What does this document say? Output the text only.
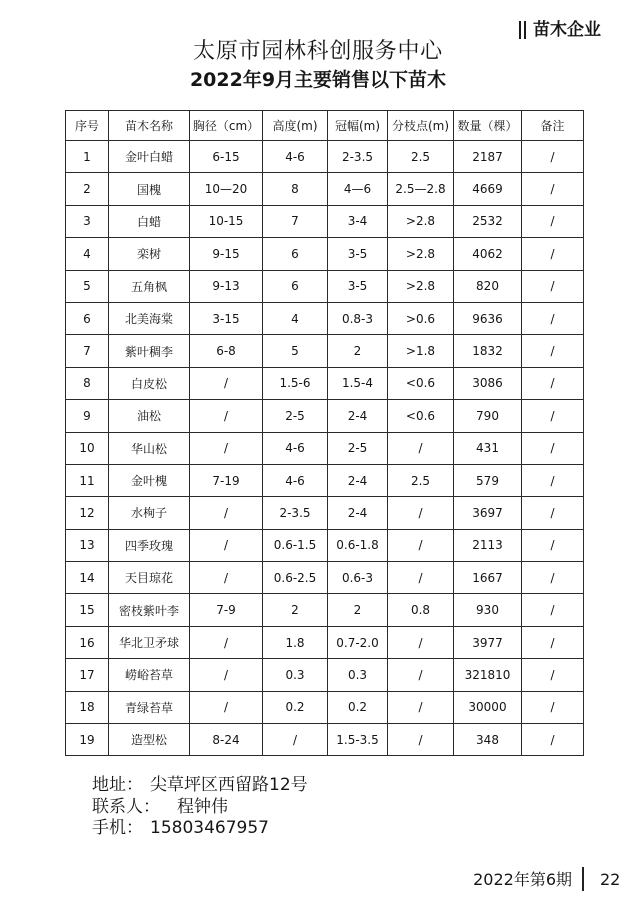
苗木企业
太原市园林科创服务中心
2022年9月主要销售以下苗木
序号	苗木名称	胸径（cm）	高度(m)	冠幅(m)	分枝点(m)	数量（棵）	备注
1	金叶白蜡	6-15	4-6	2-3.5	2.5	2187	/
2	国槐	10—20	8	4—6	2.5—2.8	4669	/
3	白蜡	10-15	7	3-4	>2.8	2532	/
4	栾树	9-15	6	3-5	>2.8	4062	/
5	五角枫	9-13	6	3-5	>2.8	820	/
6	北美海棠	3-15	4	0.8-3	>0.6	9636	/
7	紫叶稠李	6-8	5	2	>1.8	1832	/
8	白皮松	/	1.5-6	1.5-4	<0.6	3086	/
9	油松	/	2-5	2-4	<0.6	790	/
10	华山松	/	4-6	2-5	/	431	/
11	金叶槐	7-19	4-6	2-4	2.5	579	/
12	水栒子	/	2-3.5	2-4	/	3697	/
13	四季玫瑰	/	0.6-1.5	0.6-1.8	/	2113	/
14	天目琼花	/	0.6-2.5	0.6-3	/	1667	/
15	密枝紫叶李	7-9	2	2	0.8	930	/
16	华北卫矛球	/	1.8	0.7-2.0	/	3977	/
17	崂峪苔草	/	0.3	0.3	/	321810	/
18	青绿苔草	/	0.2	0.2	/	30000	/
19	造型松	8-24	/	1.5-3.5	/	348	/
地址： 尖草坪区西留路12号
联系人： 程钟伟
手机： 15803467957
2022年第6期 22
